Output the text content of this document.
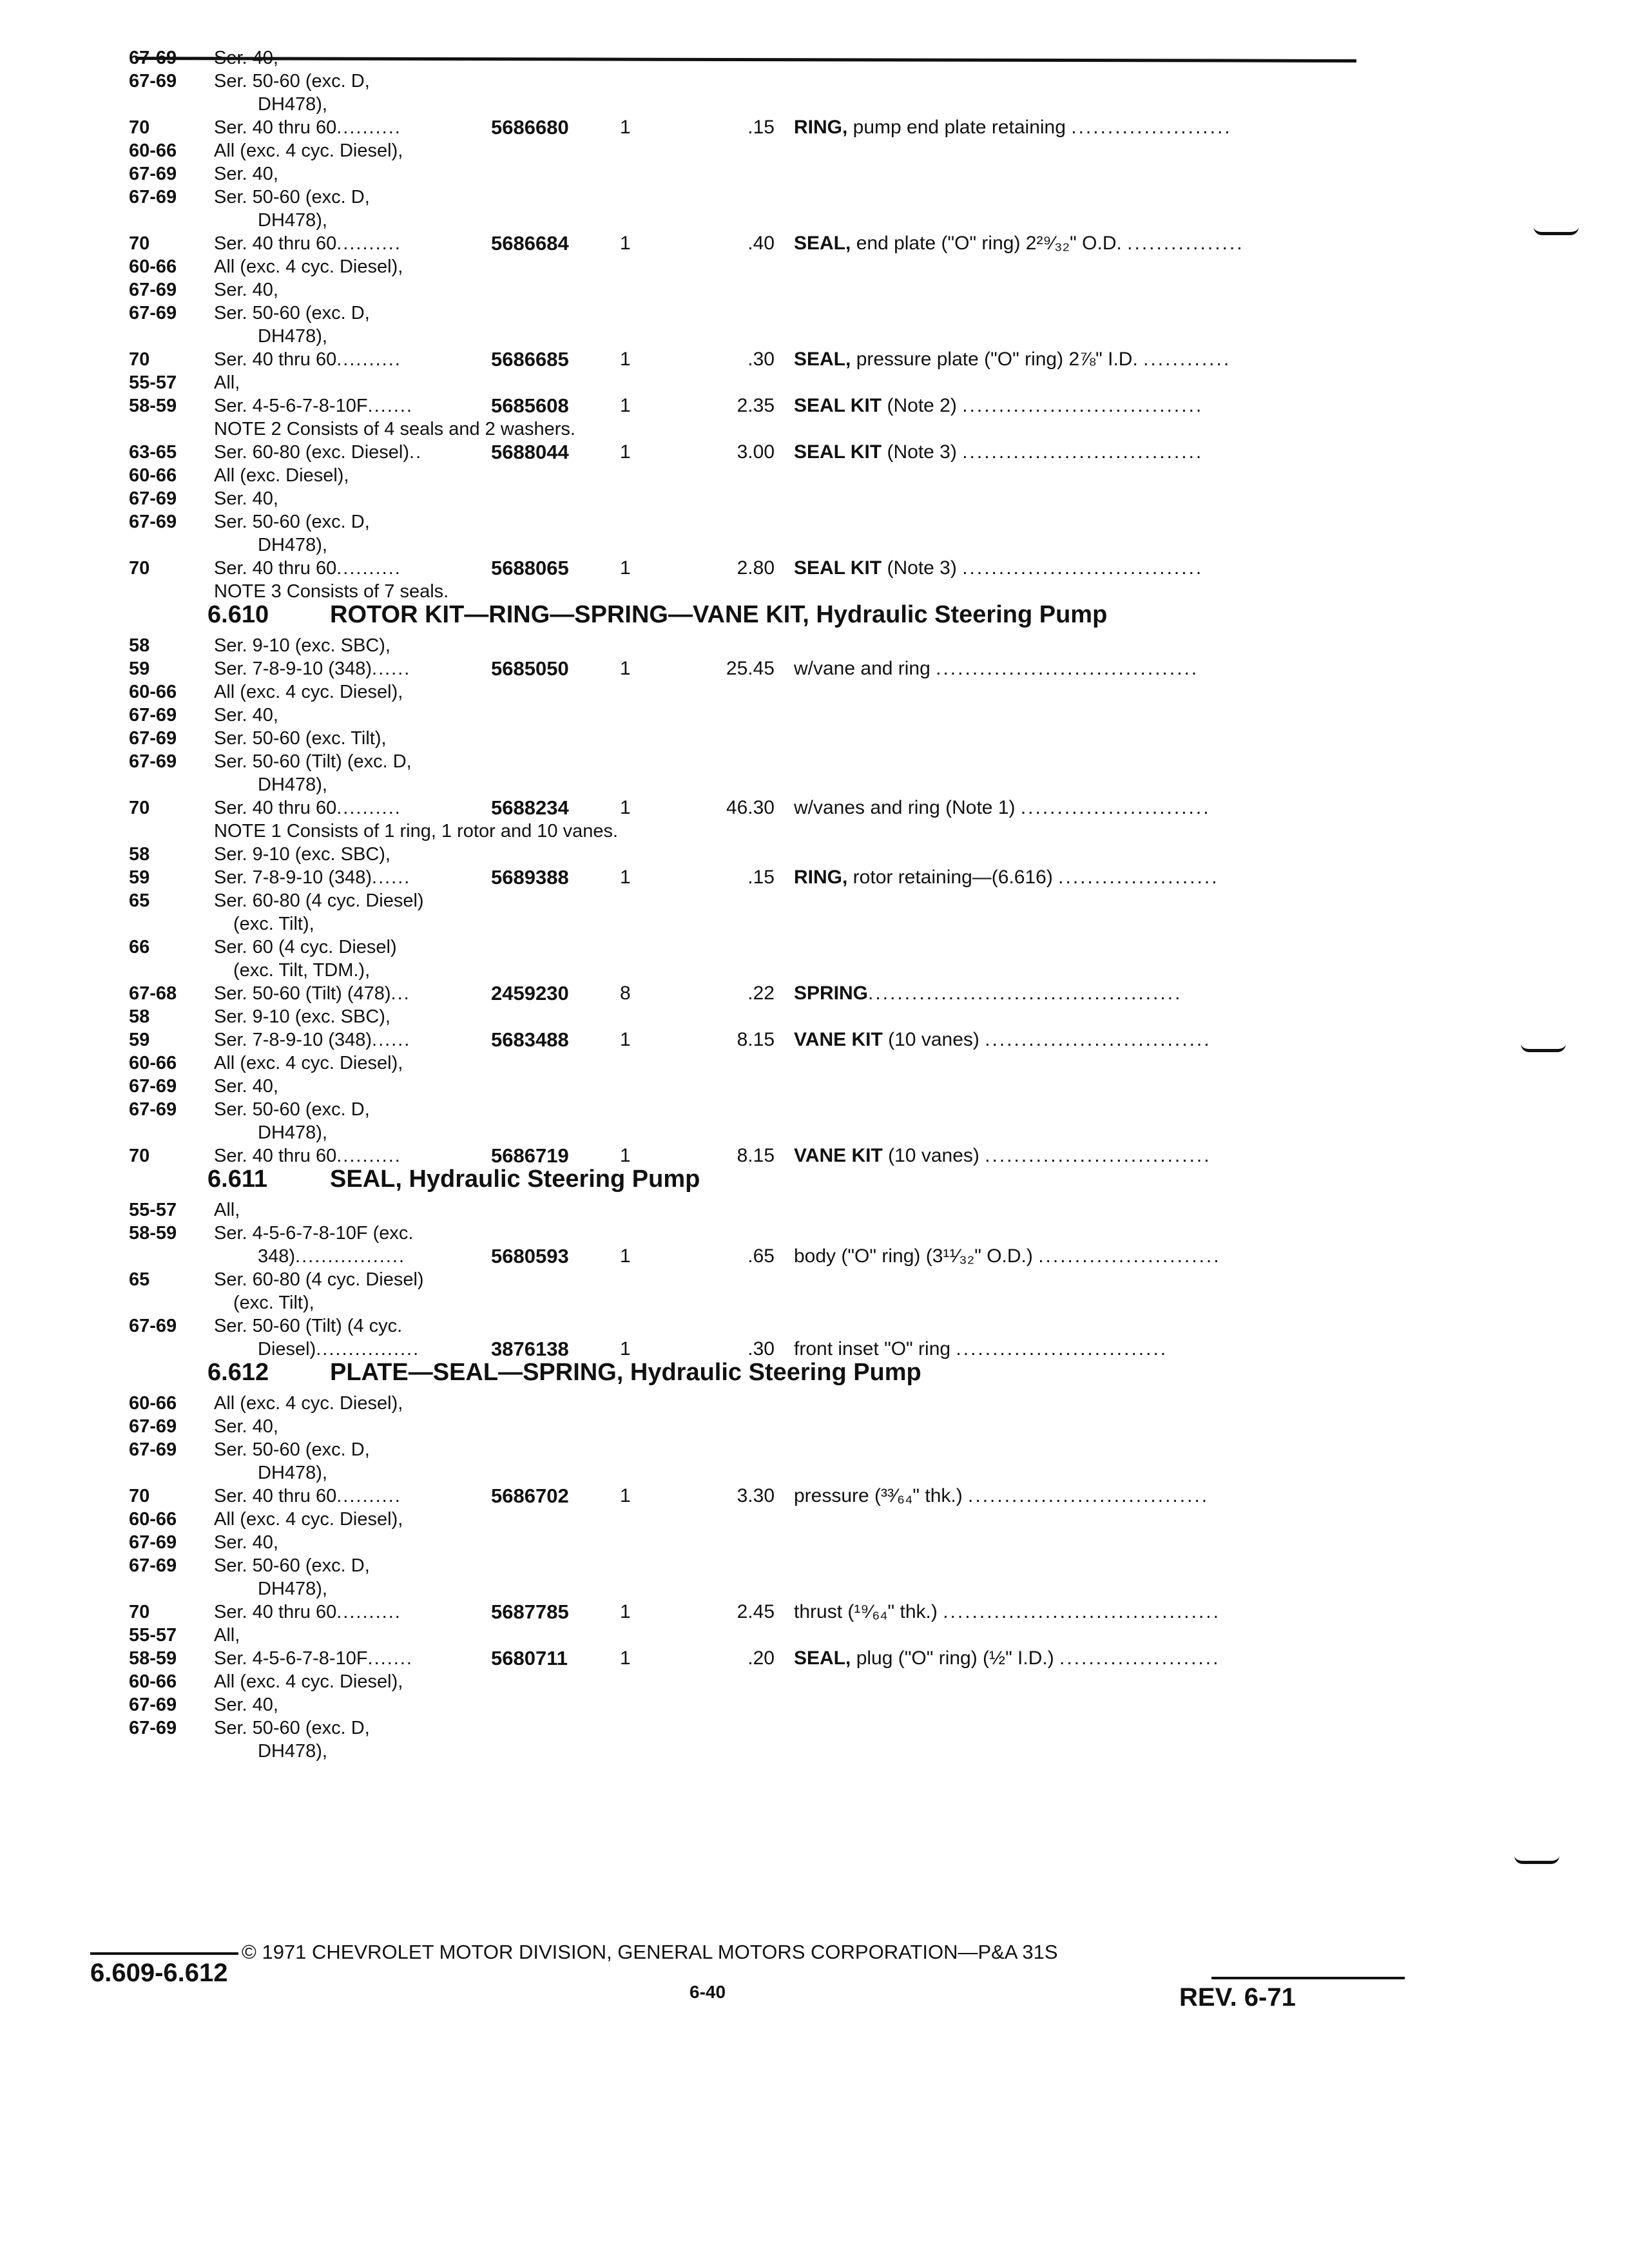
67-69 Ser. 40,
67-69 Ser. 50-60 (exc. D,
DH478),
70	Ser. 40 thru 60..........	5686680	1	.15 RING, pump end plate retaining ......................
60-66 All (exc. 4 cyc. Diesel),
67-69 Ser. 40,
67-69 Ser. 50-60 (exc. D,
DH478),
70	Ser. 40 thru 60..........	5686684	1	.40 SEAL, end plate ("O" ring) 2²⁹⁄₃₂" O.D. ................
60-66 All (exc. 4 cyc. Diesel),
67-69 Ser. 40,
67-69 Ser. 50-60 (exc. D,
DH478),
70	Ser. 40 thru 60..........	5686685	1	.30 SEAL, pressure plate ("O" ring) 2⅞" I.D. ............
55-57 All,
58-59 Ser. 4-5-6-7-8-10F.......	5685608	1	2.35 SEAL KIT (Note 2) .................................
NOTE 2 Consists of 4 seals and 2 washers.
63-65 Ser. 60-80 (exc. Diesel)..	5688044	1	3.00 SEAL KIT (Note 3) .................................
60-66 All (exc. Diesel),
67-69 Ser. 40,
67-69 Ser. 50-60 (exc. D,
DH478),
70	Ser. 40 thru 60..........	5688065	1	2.80 SEAL KIT (Note 3) .................................
NOTE 3 Consists of 7 seals.
6.610 ROTOR KIT—RING—SPRING—VANE KIT, Hydraulic Steering Pump
58	Ser. 9-10 (exc. SBC),
59	Ser. 7-8-9-10 (348)......	5685050	1	25.45 w/vane and ring ....................................
60-66 All (exc. 4 cyc. Diesel),
67-69 Ser. 40,
67-69 Ser. 50-60 (exc. Tilt),
67-69 Ser. 50-60 (Tilt) (exc. D,
DH478),
70	Ser. 40 thru 60..........	5688234	1	46.30 w/vanes and ring (Note 1) ..........................
NOTE 1 Consists of 1 ring, 1 rotor and 10 vanes.
58	Ser. 9-10 (exc. SBC),
59	Ser. 7-8-9-10 (348)......	5689388	1	.15 RING, rotor retaining—(6.616) ......................
65	Ser. 60-80 (4 cyc. Diesel)
(exc. Tilt),
66	Ser. 60 (4 cyc. Diesel)
(exc. Tilt, TDM.),
67-68 Ser. 50-60 (Tilt) (478)...	2459230	8	.22 SPRING...........................................
58	Ser. 9-10 (exc. SBC),
59	Ser. 7-8-9-10 (348)......	5683488	1	8.15 VANE KIT (10 vanes) ...............................
60-66 All (exc. 4 cyc. Diesel),
67-69 Ser. 40,
67-69 Ser. 50-60 (exc. D,
DH478),
70	Ser. 40 thru 60..........	5686719	1	8.15 VANE KIT (10 vanes) ...............................
6.611	SEAL, Hydraulic Steering Pump
55-57 All,
58-59 Ser. 4-5-6-7-8-10F (exc.
348).................	5680593	1	.65 body ("O" ring) (3¹¹⁄₃₂" O.D.) .........................
65	Ser. 60-80 (4 cyc. Diesel)
(exc. Tilt),
67-69 Ser. 50-60 (Tilt) (4 cyc.
Diesel)................	3876138	1	.30 front inset "O" ring .............................
6.612 PLATE—SEAL—SPRING, Hydraulic Steering Pump
60-66 All (exc. 4 cyc. Diesel),
67-69 Ser. 40,
67-69 Ser. 50-60 (exc. D,
DH478),
70	Ser. 40 thru 60..........	5686702	1	3.30 pressure (³³⁄₆₄" thk.) .................................
60-66 All (exc. 4 cyc. Diesel),
67-69 Ser. 40,
67-69 Ser. 50-60 (exc. D,
DH478),
70	Ser. 40 thru 60..........	5687785	1	2.45 thrust (¹⁹⁄₆₄" thk.) ......................................
55-57 All,
58-59 Ser. 4-5-6-7-8-10F.......	5680711	1	.20 SEAL, plug ("O" ring) (½" I.D.) ......................
60-66 All (exc. 4 cyc. Diesel),
67-69 Ser. 40,
67-69 Ser. 50-60 (exc. D,
DH478),
© 1971 CHEVROLET MOTOR DIVISION, GENERAL MOTORS CORPORATION—P&A 31S
6.609-6.612
6-40	REV. 6-71
